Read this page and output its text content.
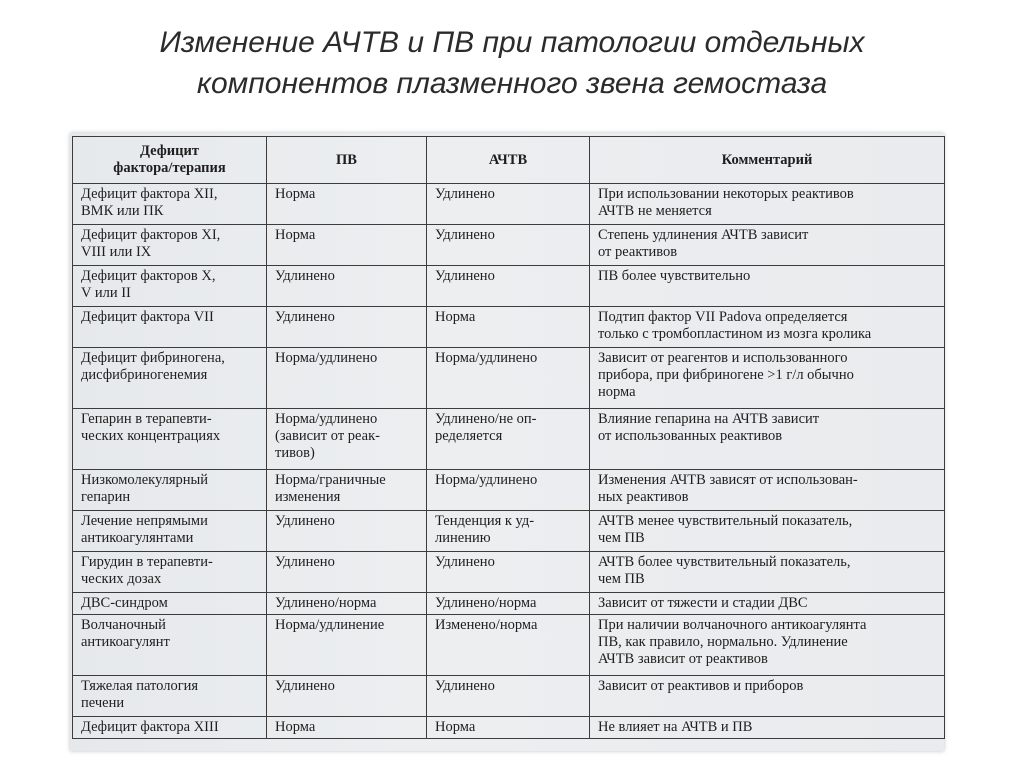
Изменение АЧТВ и ПВ при патологии отдельных
компонентов плазменного звена гемостаза
Дефицит
фактора/терапия	ПВ	АЧТВ	Комментарий

Дефицит фактора XII,
ВМК или ПК	Норма	Удлинено	При использовании некоторых реактивов
АЧТВ не меняется

Дефицит факторов XI,
VIII или IX	Норма	Удлинено	Степень удлинения АЧТВ зависит
от реактивов

Дефицит факторов X,
V или II	Удлинено	Удлинено	ПВ более чувствительно

Дефицит фактора VII	Удлинено	Норма	Подтип фактор VII Padova определяется
только с тромбопластином из мозга кролика

Дефицит фибриногена,
дисфибриногенемия	Норма/удлинено	Норма/удлинено	Зависит от реагентов и использованного
прибора, при фибриногене >1 г/л обычно
норма

Гепарин в терапевти-
ческих концентрациях	Норма/удлинено
(зависит от реак-
тивов)	Удлинено/не оп-
ределяется	Влияние гепарина на АЧТВ зависит
от использованных реактивов

Низкомолекулярный
гепарин	Норма/граничные
изменения	Норма/удлинено	Изменения АЧТВ зависят от использован-
ных реактивов

Лечение непрямыми
антикоагулянтами	Удлинено	Тенденция к уд-
линению	АЧТВ менее чувствительный показатель,
чем ПВ

Гирудин в терапевти-
ческих дозах	Удлинено	Удлинено	АЧТВ более чувствительный показатель,
чем ПВ

ДВС-синдром	Удлинено/норма	Удлинено/норма	Зависит от тяжести и стадии ДВС

Волчаночный
антикоагулянт	Норма/удлинение	Изменено/норма	При наличии волчаночного антикоагулянта
ПВ, как правило, нормально. Удлинение
АЧТВ зависит от реактивов

Тяжелая патология
печени	Удлинено	Удлинено	Зависит от реактивов и приборов

Дефицит фактора XIII	Норма	Норма	Не влияет на АЧТВ и ПВ
